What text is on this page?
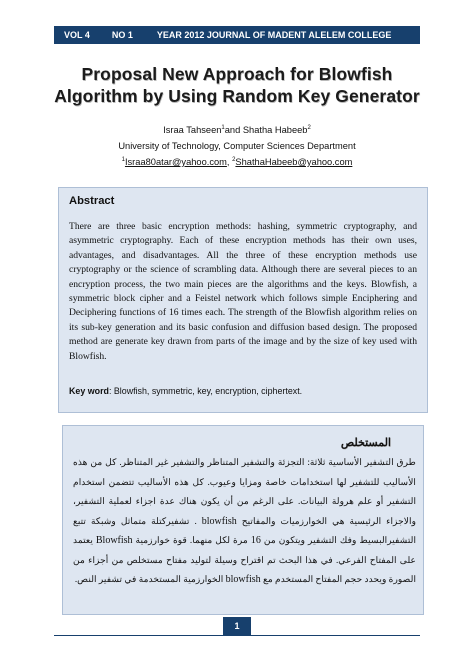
VOL 4 NO 1	YEAR 2012 JOURNAL OF MADENT ALELEM COLLEGE
Proposal New Approach for Blowfish
Algorithm by Using Random Key Generator
Israa Tahseen$^1$and Shatha Habeeb$^2$
University of Technology, Computer Sciences Department
$^1$Israa80atar@yahoo.com, $^2$ShathaHabeeb@yahoo.com
Abstract
There are three basic encryption methods: hashing, symmetric cryptography, and asymmetric cryptography. Each of these encryption methods has their own uses, advantages, and disadvantages. All the three of these encryption methods use cryptography or the science of scrambling data. Although there are several pieces to an encryption process, the two main pieces are the algorithms and the keys. Blowfish, a symmetric block cipher and a Feistel network which follows simple Enciphering and Deciphering functions of 16 times each. The strength of the Blowfish algorithm relies on its sub-key generation and its basic confusion and diffusion based design. The proposed method are generate key drawn from parts of the image and by the size of key used with Blowfish.
Key word: Blowfish, symmetric, key, encryption, ciphertext.
المستخلص
طرق التشفير الأساسية ثلاثة: التجزئة والتشفير المتناظر والتشفير غير المتناظر. كل من هذه الأساليب للتشفير لها استخدامات خاصة ومزايا وعيوب. كل هذه الأساليب تتضمن استخدام التشفير أو علم هرولة البيانات. على الرغم من أن يكون هناك عدة اجزاء لعملية التشفير، والاجزاء الرئيسية هي الخوارزميات والمفاتيح blowfish . تشفيركتلة متماثل وشبكة تتبع التشفيرالبسيط وفك التشفير ويتكون من 16 مرة لكل منهما. قوة خوارزمية Blowfish يعتمد على المفتاح الفرعي. في هذا البحث تم اقتراح وسيلة لتوليد مفتاح مستخلص من أجزاء من الصورة ويحدد حجم المفتاح المستخدم مع blowfish الخوارزمية المستخدمة في تشفير النص.
1
